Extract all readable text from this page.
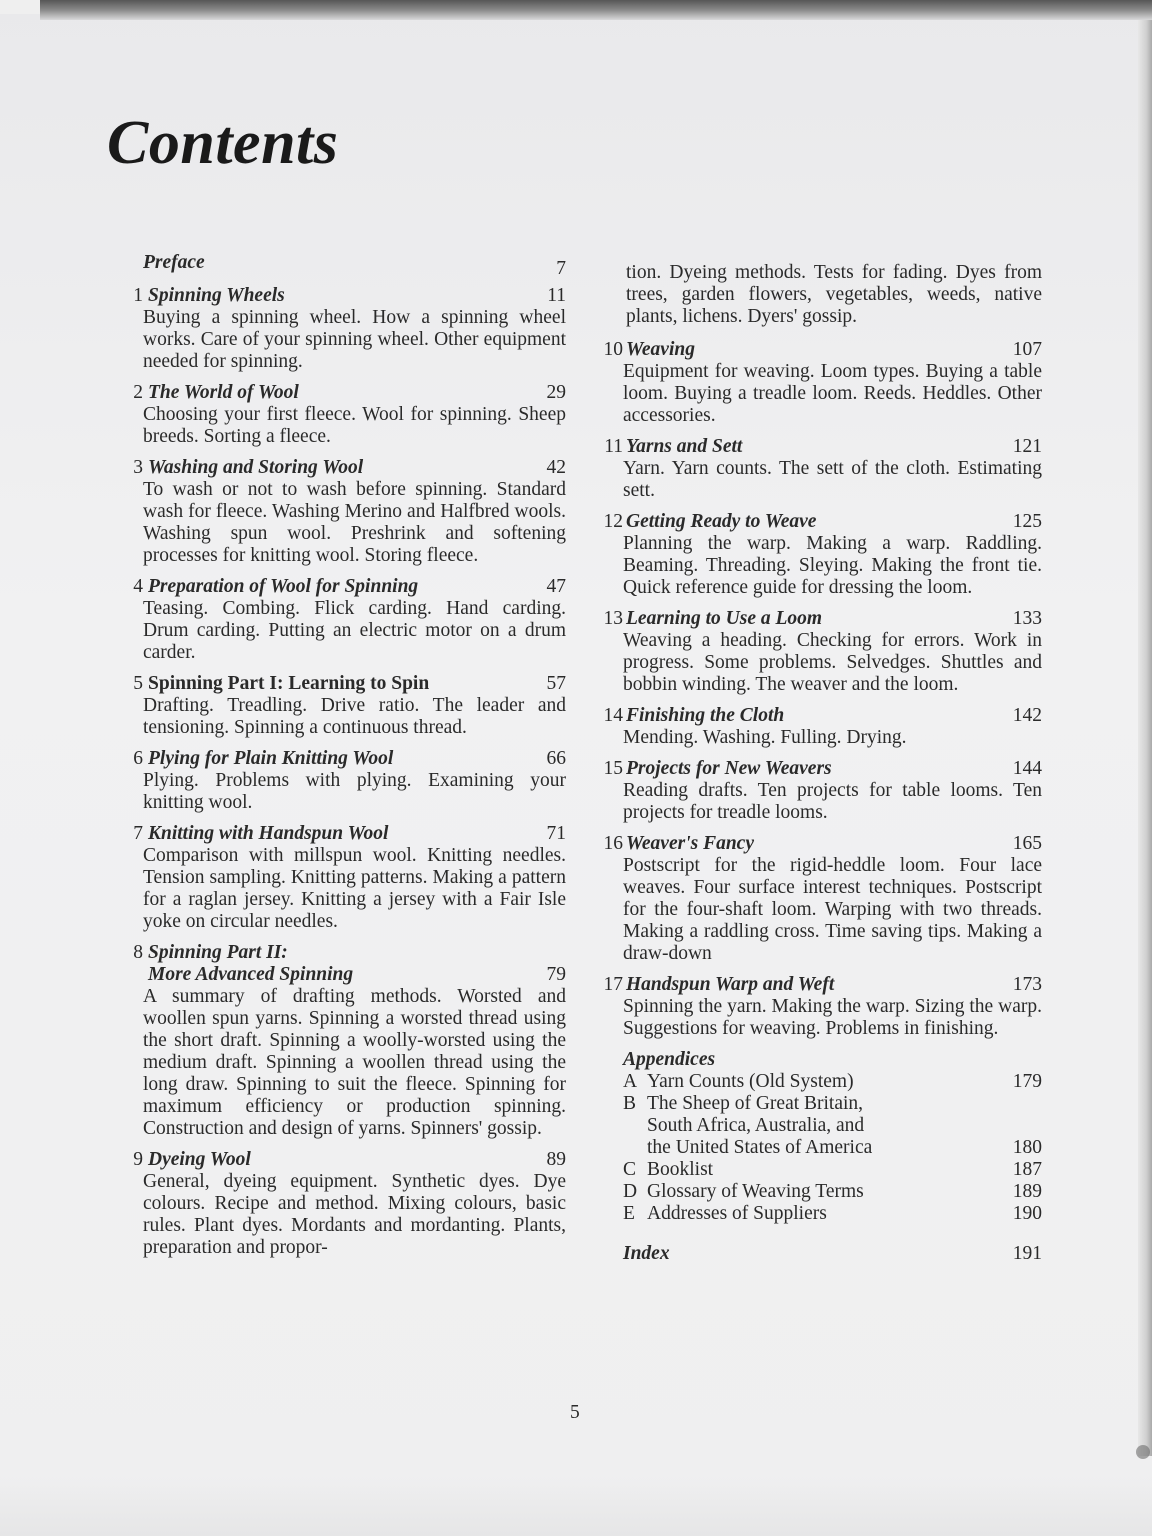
Contents
Preface	7
1 Spinning Wheels	11
Buying a spinning wheel. How a spinning wheel works. Care of your spinning wheel. Other equipment needed for spinning.
2 The World of Wool	29
Choosing your first fleece. Wool for spinning. Sheep breeds. Sorting a fleece.
3 Washing and Storing Wool	42
To wash or not to wash before spinning. Standard wash for fleece. Washing Merino and Halfbred wools. Washing spun wool. Preshrink and softening processes for knitting wool. Storing fleece.
4 Preparation of Wool for Spinning	47
Teasing. Combing. Flick carding. Hand carding. Drum carding. Putting an electric motor on a drum carder.
5 Spinning Part I: Learning to Spin	57
Drafting. Treadling. Drive ratio. The leader and tensioning. Spinning a continuous thread.
6 Plying for Plain Knitting Wool	66
Plying. Problems with plying. Examining your knitting wool.
7 Knitting with Handspun Wool	71
Comparison with millspun wool. Knitting needles. Tension sampling. Knitting patterns. Making a pattern for a raglan jersey. Knitting a jersey with a Fair Isle yoke on circular needles.
8 Spinning Part II:
More Advanced Spinning	79
A summary of drafting methods. Worsted and woollen spun yarns. Spinning a worsted thread using the short draft. Spinning a woolly-worsted using the medium draft. Spinning a woollen thread using the long draw. Spinning to suit the fleece. Spinning for maximum efficiency or production spinning. Construction and design of yarns. Spinners' gossip.
9 Dyeing Wool	89
General, dyeing equipment. Synthetic dyes. Dye colours. Recipe and method. Mixing colours, basic rules. Plant dyes. Mordants and mordanting. Plants, preparation and propor-
tion. Dyeing methods. Tests for fading. Dyes from trees, garden flowers, vegetables, weeds, native plants, lichens. Dyers' gossip.
10 Weaving	107
Equipment for weaving. Loom types. Buying a table loom. Buying a treadle loom. Reeds. Heddles. Other accessories.
11 Yarns and Sett	121
Yarn. Yarn counts. The sett of the cloth. Estimating sett.
12 Getting Ready to Weave	125
Planning the warp. Making a warp. Raddling. Beaming. Threading. Sleying. Making the front tie. Quick reference guide for dressing the loom.
13 Learning to Use a Loom	133
Weaving a heading. Checking for errors. Work in progress. Some problems. Selvedges. Shuttles and bobbin winding. The weaver and the loom.
14 Finishing the Cloth	142
Mending. Washing. Fulling. Drying.
15 Projects for New Weavers	144
Reading drafts. Ten projects for table looms. Ten projects for treadle looms.
16 Weaver's Fancy	165
Postscript for the rigid-heddle loom. Four lace weaves. Four surface interest techniques. Postscript for the four-shaft loom. Warping with two threads. Making a raddling cross. Time saving tips. Making a draw-down
17 Handspun Warp and Weft	173
Spinning the yarn. Making the warp. Sizing the warp. Suggestions for weaving. Problems in finishing.
Appendices
A Yarn Counts (Old System)	179
B The Sheep of Great Britain,
South Africa, Australia, and
the United States of America	180
C Booklist	187
D Glossary of Weaving Terms	189
E Addresses of Suppliers	190
Index	191
5
